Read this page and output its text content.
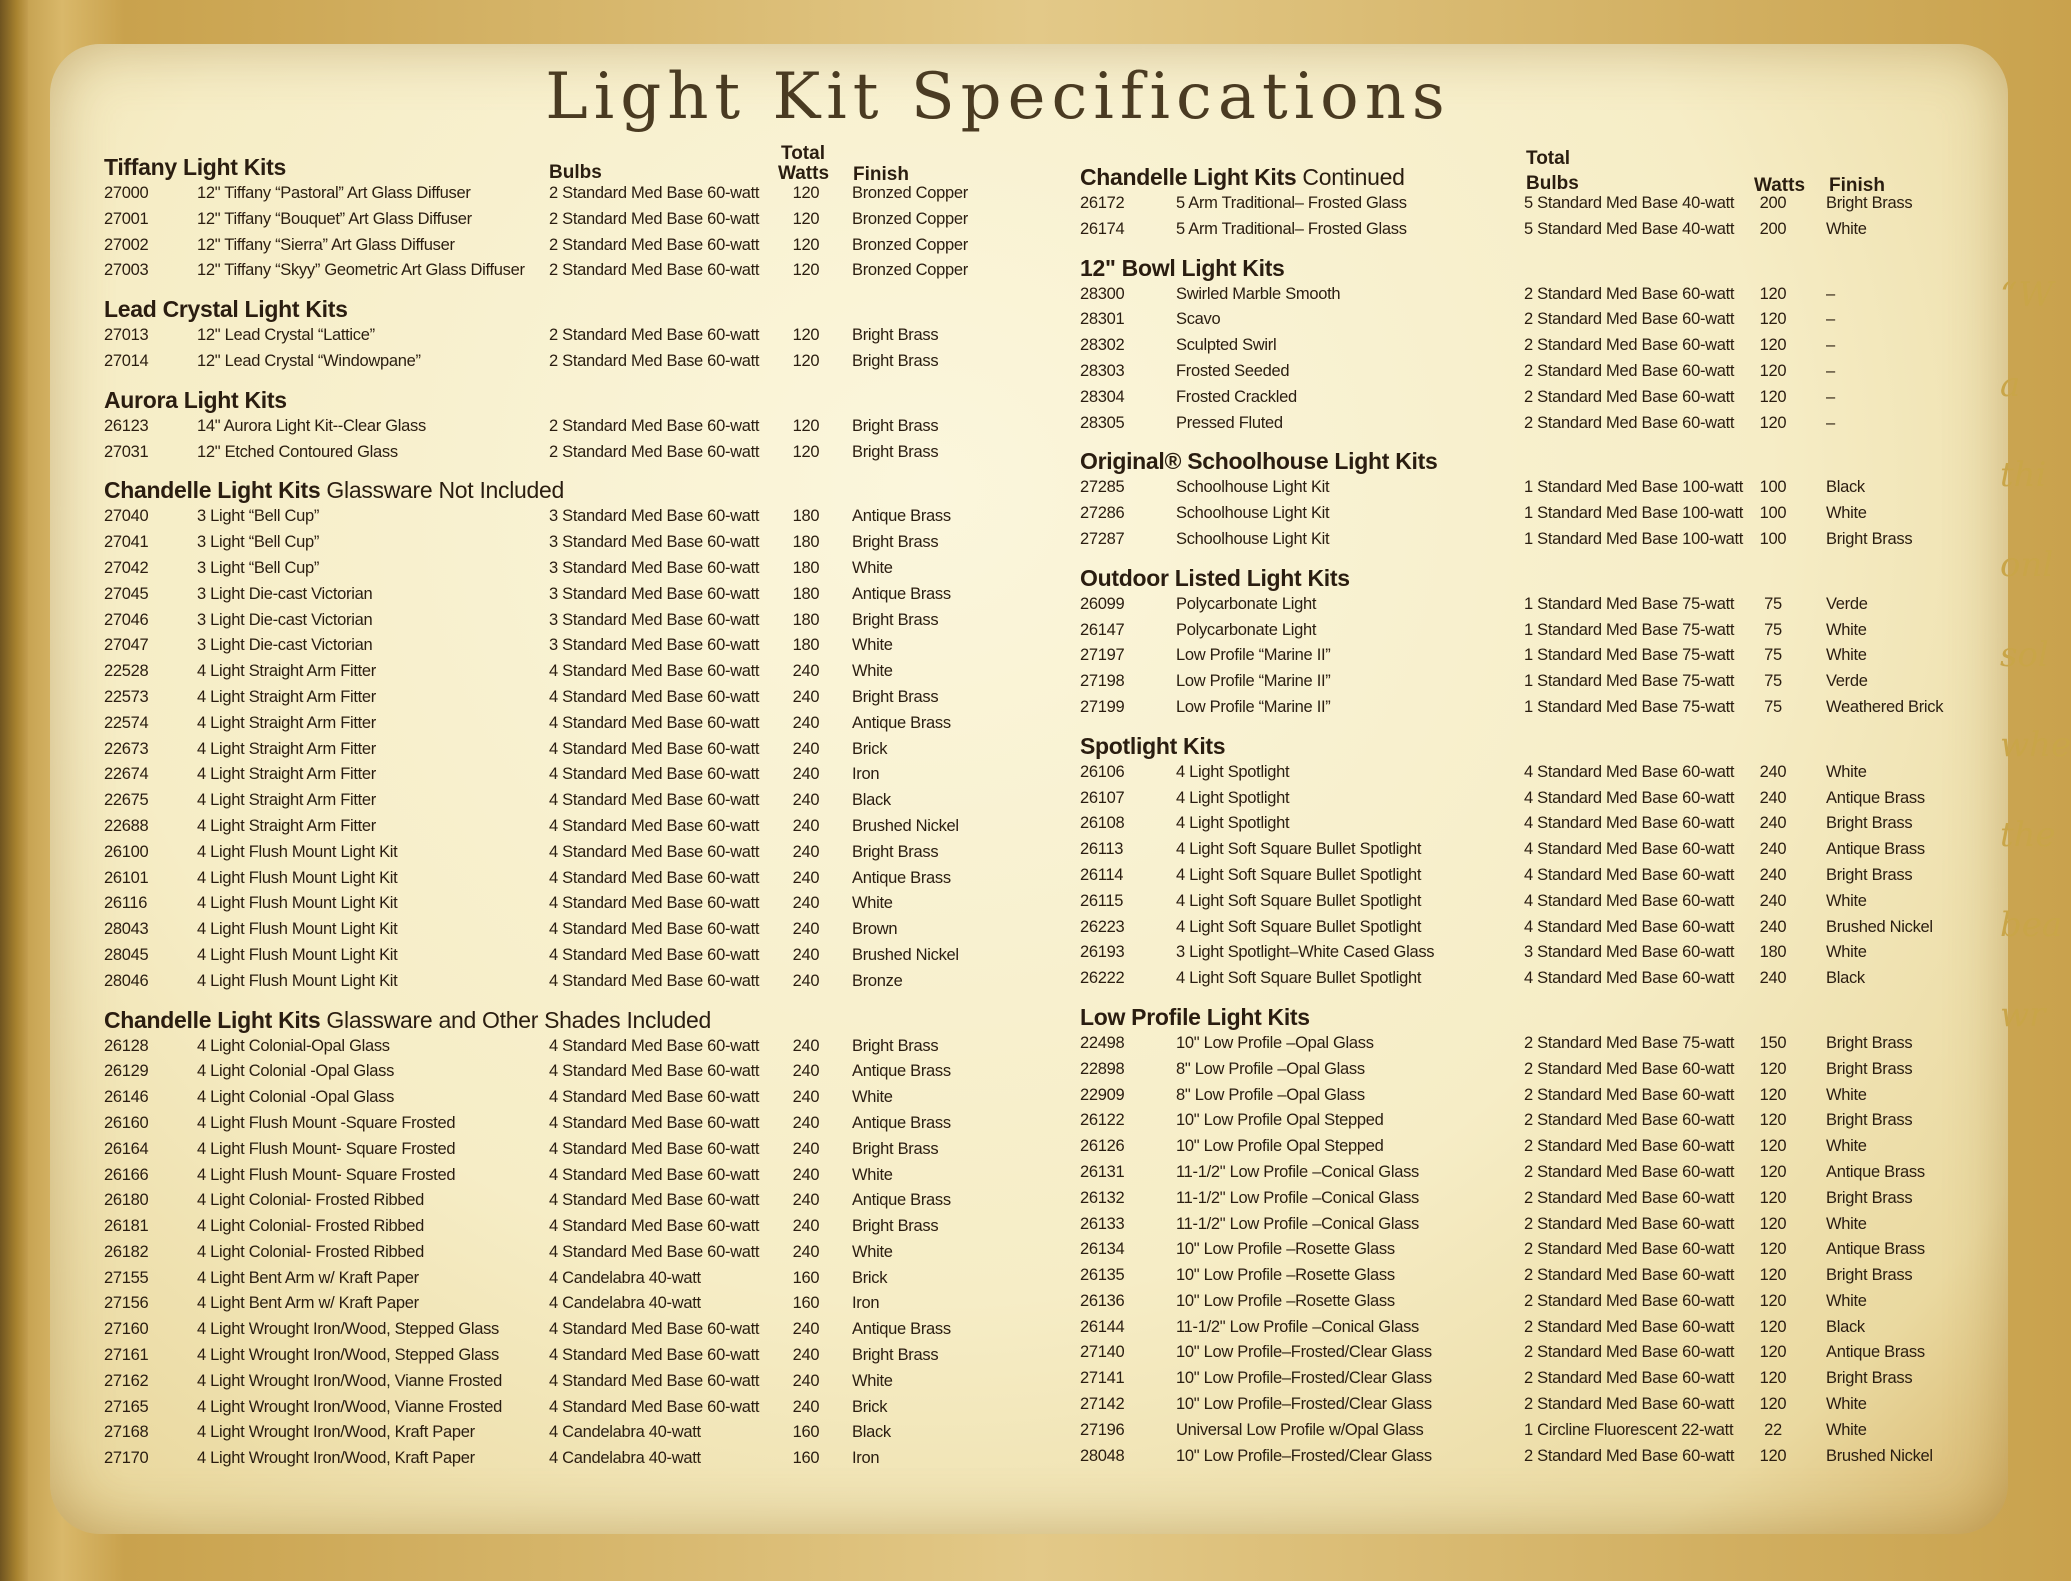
Light Kit Specifications
Bulbs
Total
Watts Finish
Total
Bulbs	Watts Finish
Tiffany Light Kits
27000	12" Tiffany “Pastoral” Art Glass Diffuser	2 Standard Med Base 60-watt	120	Bronzed Copper
27001	12" Tiffany “Bouquet” Art Glass Diffuser	2 Standard Med Base 60-watt	120	Bronzed Copper
27002	12" Tiffany “Sierra” Art Glass Diffuser	2 Standard Med Base 60-watt	120	Bronzed Copper
27003	12" Tiffany “Skyy” Geometric Art Glass Diffuser 2 Standard Med Base 60-watt	120	Bronzed Copper
Lead Crystal Light Kits
27013	12" Lead Crystal “Lattice”	2 Standard Med Base 60-watt	120	Bright Brass
27014	12" Lead Crystal “Windowpane”	2 Standard Med Base 60-watt	120	Bright Brass
Aurora Light Kits
26123	14" Aurora Light Kit--Clear Glass	2 Standard Med Base 60-watt	120	Bright Brass
27031	12" Etched Contoured Glass	2 Standard Med Base 60-watt	120	Bright Brass
Chandelle Light Kits Glassware Not Included
27040	3 Light “Bell Cup”	3 Standard Med Base 60-watt	180	Antique Brass
27041	3 Light “Bell Cup”	3 Standard Med Base 60-watt	180	Bright Brass
27042	3 Light “Bell Cup”	3 Standard Med Base 60-watt	180	White
27045	3 Light Die-cast Victorian	3 Standard Med Base 60-watt	180	Antique Brass
27046	3 Light Die-cast Victorian	3 Standard Med Base 60-watt	180	Bright Brass
27047	3 Light Die-cast Victorian	3 Standard Med Base 60-watt	180	White
22528	4 Light Straight Arm Fitter	4 Standard Med Base 60-watt	240	White
22573	4 Light Straight Arm Fitter	4 Standard Med Base 60-watt	240	Bright Brass
22574	4 Light Straight Arm Fitter	4 Standard Med Base 60-watt	240	Antique Brass
22673	4 Light Straight Arm Fitter	4 Standard Med Base 60-watt	240	Brick
22674	4 Light Straight Arm Fitter	4 Standard Med Base 60-watt	240	Iron
22675	4 Light Straight Arm Fitter	4 Standard Med Base 60-watt	240	Black
22688	4 Light Straight Arm Fitter	4 Standard Med Base 60-watt	240	Brushed Nickel
26100	4 Light Flush Mount Light Kit	4 Standard Med Base 60-watt	240	Bright Brass
26101	4 Light Flush Mount Light Kit	4 Standard Med Base 60-watt	240	Antique Brass
26116	4 Light Flush Mount Light Kit	4 Standard Med Base 60-watt	240	White
28043	4 Light Flush Mount Light Kit	4 Standard Med Base 60-watt	240	Brown
28045	4 Light Flush Mount Light Kit	4 Standard Med Base 60-watt	240	Brushed Nickel
28046	4 Light Flush Mount Light Kit	4 Standard Med Base 60-watt	240	Bronze
Chandelle Light Kits Glassware and Other Shades Included
26128	4 Light Colonial-Opal Glass	4 Standard Med Base 60-watt	240	Bright Brass
26129	4 Light Colonial -Opal Glass	4 Standard Med Base 60-watt	240	Antique Brass
26146	4 Light Colonial -Opal Glass	4 Standard Med Base 60-watt	240	White
26160	4 Light Flush Mount -Square Frosted	4 Standard Med Base 60-watt	240	Antique Brass
26164	4 Light Flush Mount- Square Frosted	4 Standard Med Base 60-watt	240	Bright Brass
26166	4 Light Flush Mount- Square Frosted	4 Standard Med Base 60-watt	240	White
26180	4 Light Colonial- Frosted Ribbed	4 Standard Med Base 60-watt	240	Antique Brass
26181	4 Light Colonial- Frosted Ribbed	4 Standard Med Base 60-watt	240	Bright Brass
26182	4 Light Colonial- Frosted Ribbed	4 Standard Med Base 60-watt	240	White
27155	4 Light Bent Arm w/ Kraft Paper	4 Candelabra 40-watt	160	Brick
27156	4 Light Bent Arm w/ Kraft Paper	4 Candelabra 40-watt	160	Iron
27160	4 Light Wrought Iron/Wood, Stepped Glass	4 Standard Med Base 60-watt	240	Antique Brass
27161	4 Light Wrought Iron/Wood, Stepped Glass	4 Standard Med Base 60-watt	240	Bright Brass
27162	4 Light Wrought Iron/Wood, Vianne Frosted	4 Standard Med Base 60-watt	240	White
27165	4 Light Wrought Iron/Wood, Vianne Frosted	4 Standard Med Base 60-watt	240	Brick
27168	4 Light Wrought Iron/Wood, Kraft Paper	4 Candelabra 40-watt	160	Black
27170	4 Light Wrought Iron/Wood, Kraft Paper	4 Candelabra 40-watt	160	Iron
Chandelle Light Kits Continued
26172	5 Arm Traditional– Frosted Glass	5 Standard Med Base 40-watt	200	Bright Brass
26174	5 Arm Traditional– Frosted Glass	5 Standard Med Base 40-watt	200	White
12" Bowl Light Kits
28300	Swirled Marble Smooth	2 Standard Med Base 60-watt	120	–
28301	Scavo	2 Standard Med Base 60-watt	120	–
28302	Sculpted Swirl	2 Standard Med Base 60-watt	120	–
28303	Frosted Seeded	2 Standard Med Base 60-watt	120	–
28304	Frosted Crackled	2 Standard Med Base 60-watt	120	–
28305	Pressed Fluted	2 Standard Med Base 60-watt	120	–
Original® Schoolhouse Light Kits
27285	Schoolhouse Light Kit	1 Standard Med Base 100-watt	100	Black
27286	Schoolhouse Light Kit	1 Standard Med Base 100-watt	100	White
27287	Schoolhouse Light Kit	1 Standard Med Base 100-watt	100	Bright Brass
Outdoor Listed Light Kits
26099	Polycarbonate Light	1 Standard Med Base 75-watt	75	Verde
26147	Polycarbonate Light	1 Standard Med Base 75-watt	75	White
27197	Low Profile “Marine II”	1 Standard Med Base 75-watt	75	White
27198	Low Profile “Marine II”	1 Standard Med Base 75-watt	75	Verde
27199	Low Profile “Marine II”	1 Standard Med Base 75-watt	75	Weathered Brick
Spotlight Kits
26106	4 Light Spotlight	4 Standard Med Base 60-watt	240	White
26107	4 Light Spotlight	4 Standard Med Base 60-watt	240	Antique Brass
26108	4 Light Spotlight	4 Standard Med Base 60-watt	240	Bright Brass
26113	4 Light Soft Square Bullet Spotlight	4 Standard Med Base 60-watt	240	Antique Brass
26114	4 Light Soft Square Bullet Spotlight	4 Standard Med Base 60-watt	240	Bright Brass
26115	4 Light Soft Square Bullet Spotlight	4 Standard Med Base 60-watt	240	White
26223	4 Light Soft Square Bullet Spotlight	4 Standard Med Base 60-watt	240	Brushed Nickel
26193	3 Light Spotlight–White Cased Glass	3 Standard Med Base 60-watt	180	White
26222	4 Light Soft Square Bullet Spotlight	4 Standard Med Base 60-watt	240	Black
Low Profile Light Kits
22498	10" Low Profile –Opal Glass	2 Standard Med Base 75-watt	150	Bright Brass
22898	8" Low Profile –Opal Glass	2 Standard Med Base 60-watt	120	Bright Brass
22909	8" Low Profile –Opal Glass	2 Standard Med Base 60-watt	120	White
26122	10" Low Profile Opal Stepped	2 Standard Med Base 60-watt	120	Bright Brass
26126	10" Low Profile Opal Stepped	2 Standard Med Base 60-watt	120	White
26131	11-1/2" Low Profile –Conical Glass	2 Standard Med Base 60-watt	120	Antique Brass
26132	11-1/2" Low Profile –Conical Glass	2 Standard Med Base 60-watt	120	Bright Brass
26133	11-1/2" Low Profile –Conical Glass	2 Standard Med Base 60-watt	120	White
26134	10" Low Profile –Rosette Glass	2 Standard Med Base 60-watt	120	Antique Brass
26135	10" Low Profile –Rosette Glass	2 Standard Med Base 60-watt	120	Bright Brass
26136	10" Low Profile –Rosette Glass	2 Standard Med Base 60-watt	120	White
26144	11-1/2" Low Profile –Conical Glass	2 Standard Med Base 60-watt	120	Black
27140	10" Low Profile–Frosted/Clear Glass	2 Standard Med Base 60-watt	120	Antique Brass
27141	10" Low Profile–Frosted/Clear Glass	2 Standard Med Base 60-watt	120	Bright Brass
27142	10" Low Profile–Frosted/Clear Glass	2 Standard Med Base 60-watt	120	White
27196	Universal Low Profile w/Opal Glass	1 Circline Fluorescent 22-watt	22	White
28048	10" Low Profile–Frosted/Clear Glass	2 Standard Med Base 60-watt	120	Brushed Nickel
“W
a
thi
onl
sol
whe
the
bea
wr
